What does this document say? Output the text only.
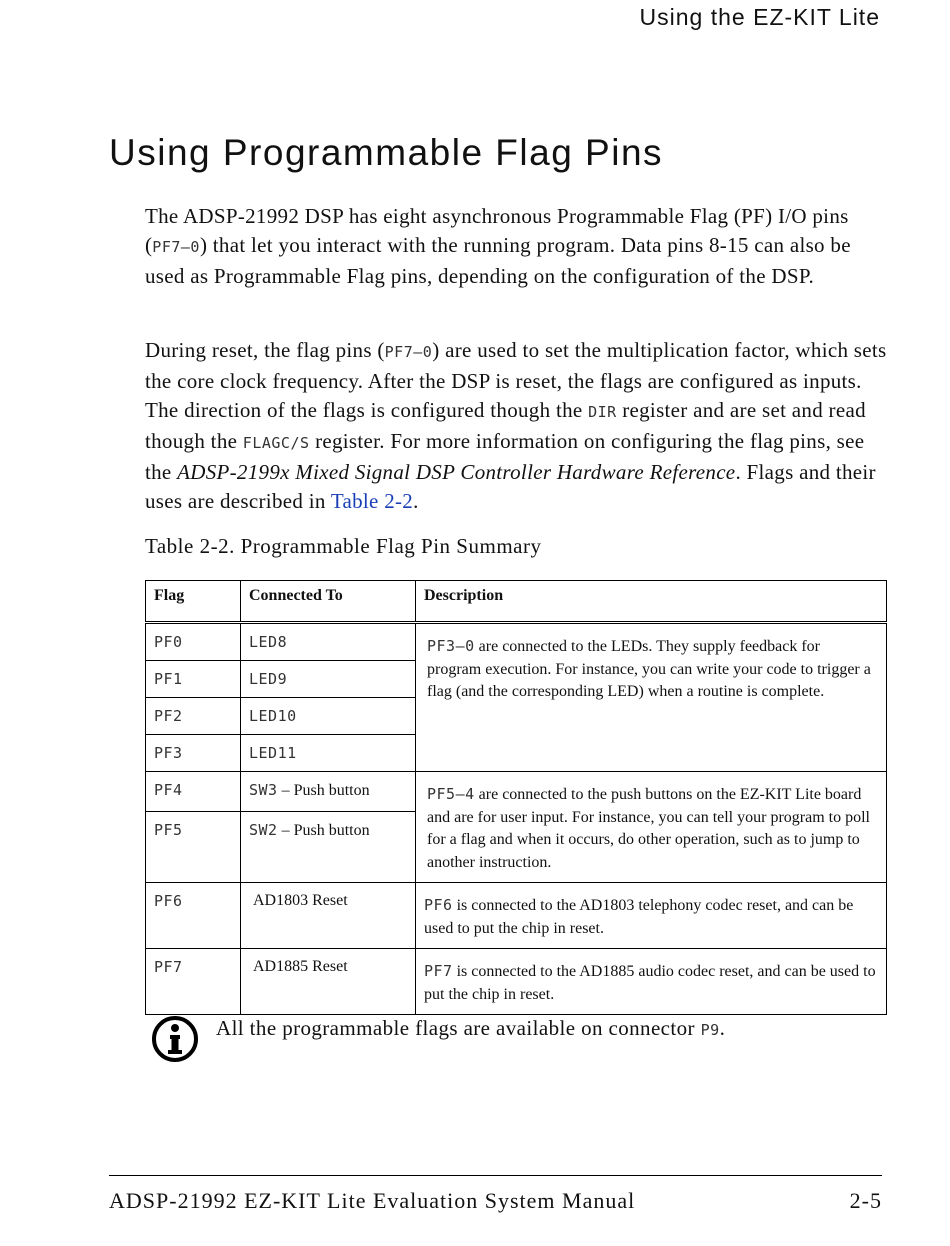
Using the EZ-KIT Lite
Using Programmable Flag Pins

The ADSP-21992 DSP has eight asynchronous Programmable Flag (PF) I/O pins (PF7–0) that let you interact with the running program. Data pins 8-15 can also be used as Programmable Flag pins, depending on the configuration of the DSP.

During reset, the flag pins (PF7–0) are used to set the multiplication factor, which sets the core clock frequency. After the DSP is reset, the flags are configured as inputs. The direction of the flags is configured though the DIR register and are set and read though the FLAGC/S register. For more information on configuring the flag pins, see the ADSP-2199x Mixed Signal DSP Controller Hardware Reference. Flags and their uses are described in Table 2-2.

Table 2-2. Programmable Flag Pin Summary

Flag	Connected To	Description
PF0	LED8	PF3–0 are connected to the LEDs. They supply feedback for program execution. For instance, you can write your code to trigger a flag (and the corresponding LED) when a routine is complete.
PF1	LED9	
PF2	LED10	
PF3	LED11	
PF4	SW3 – Push button	PF5–4 are connected to the push buttons on the EZ-KIT Lite board and are for user input. For instance, you can tell your program to poll for a flag and when it occurs, do other operation, such as to jump to another instruction.
PF5	SW2 – Push button	
PF6	AD1803 Reset	PF6 is connected to the AD1803 telephony codec reset, and can be used to put the chip in reset.
PF7	AD1885 Reset	PF7 is connected to the AD1885 audio codec reset, and can be used to put the chip in reset.
All the programmable flags are available on connector P9.
ADSP-21992 EZ-KIT Lite Evaluation System Manual	2-5
